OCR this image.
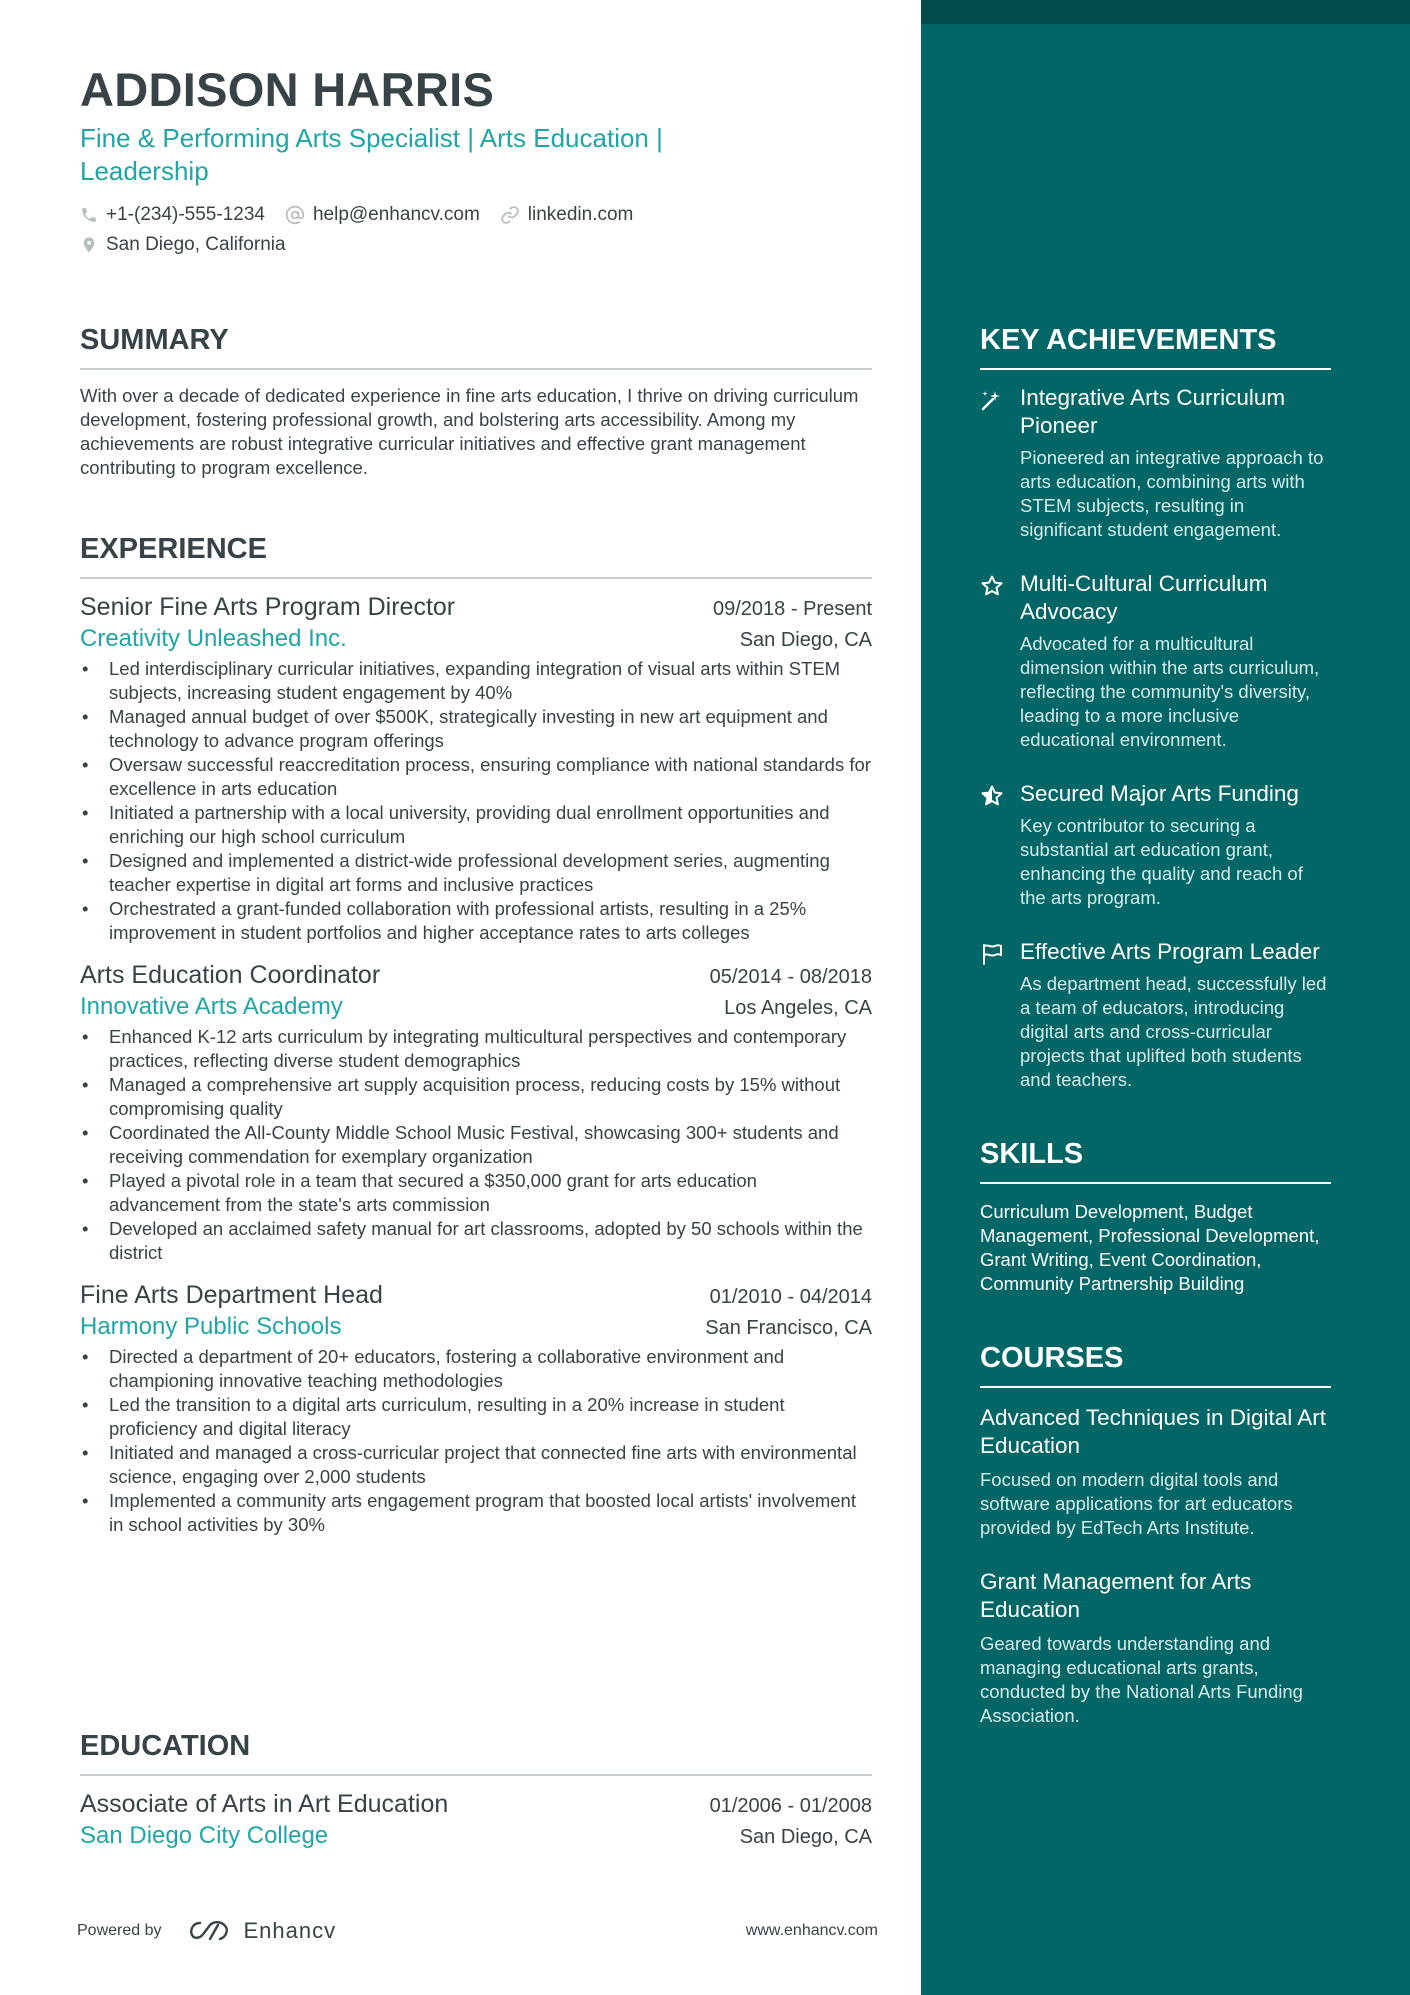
ADDISON HARRIS
Fine & Performing Arts Specialist | Arts Education | Leadership
+1-(234)-555-1234	help@enhancv.com	linkedin.com
San Diego, California
SUMMARY
With over a decade of dedicated experience in fine arts education, I thrive on driving curriculum development, fostering professional growth, and bolstering arts accessibility. Among my achievements are robust integrative curricular initiatives and effective grant management contributing to program excellence.
EXPERIENCE
Senior Fine Arts Program Director	09/2018 - Present
Creativity Unleashed Inc.	San Diego, CA
• Led interdisciplinary curricular initiatives, expanding integration of visual arts within STEM subjects, increasing student engagement by 40%
• Managed annual budget of over $500K, strategically investing in new art equipment and technology to advance program offerings
• Oversaw successful reaccreditation process, ensuring compliance with national standards for excellence in arts education
• Initiated a partnership with a local university, providing dual enrollment opportunities and enriching our high school curriculum
• Designed and implemented a district-wide professional development series, augmenting teacher expertise in digital art forms and inclusive practices
• Orchestrated a grant-funded collaboration with professional artists, resulting in a 25% improvement in student portfolios and higher acceptance rates to arts colleges
Arts Education Coordinator	05/2014 - 08/2018
Innovative Arts Academy	Los Angeles, CA
• Enhanced K-12 arts curriculum by integrating multicultural perspectives and contemporary practices, reflecting diverse student demographics
• Managed a comprehensive art supply acquisition process, reducing costs by 15% without compromising quality
• Coordinated the All-County Middle School Music Festival, showcasing 300+ students and receiving commendation for exemplary organization
• Played a pivotal role in a team that secured a $350,000 grant for arts education advancement from the state's arts commission
• Developed an acclaimed safety manual for art classrooms, adopted by 50 schools within the district
Fine Arts Department Head	01/2010 - 04/2014
Harmony Public Schools	San Francisco, CA
• Directed a department of 20+ educators, fostering a collaborative environment and championing innovative teaching methodologies
• Led the transition to a digital arts curriculum, resulting in a 20% increase in student proficiency and digital literacy
• Initiated and managed a cross-curricular project that connected fine arts with environmental science, engaging over 2,000 students
• Implemented a community arts engagement program that boosted local artists' involvement in school activities by 30%
EDUCATION
Associate of Arts in Art Education	01/2006 - 01/2008
San Diego City College	San Diego, CA
Powered by	Enhancv	www.enhancv.com
KEY ACHIEVEMENTS
Integrative Arts Curriculum Pioneer
Pioneered an integrative approach to arts education, combining arts with STEM subjects, resulting in significant student engagement.
Multi-Cultural Curriculum Advocacy
Advocated for a multicultural dimension within the arts curriculum, reflecting the community's diversity, leading to a more inclusive educational environment.
Secured Major Arts Funding
Key contributor to securing a substantial art education grant, enhancing the quality and reach of the arts program.
Effective Arts Program Leader
As department head, successfully led a team of educators, introducing digital arts and cross-curricular projects that uplifted both students and teachers.
SKILLS
Curriculum Development, Budget Management, Professional Development, Grant Writing, Event Coordination, Community Partnership Building
COURSES
Advanced Techniques in Digital Art Education
Focused on modern digital tools and software applications for art educators provided by EdTech Arts Institute.
Grant Management for Arts Education
Geared towards understanding and managing educational arts grants, conducted by the National Arts Funding Association.
